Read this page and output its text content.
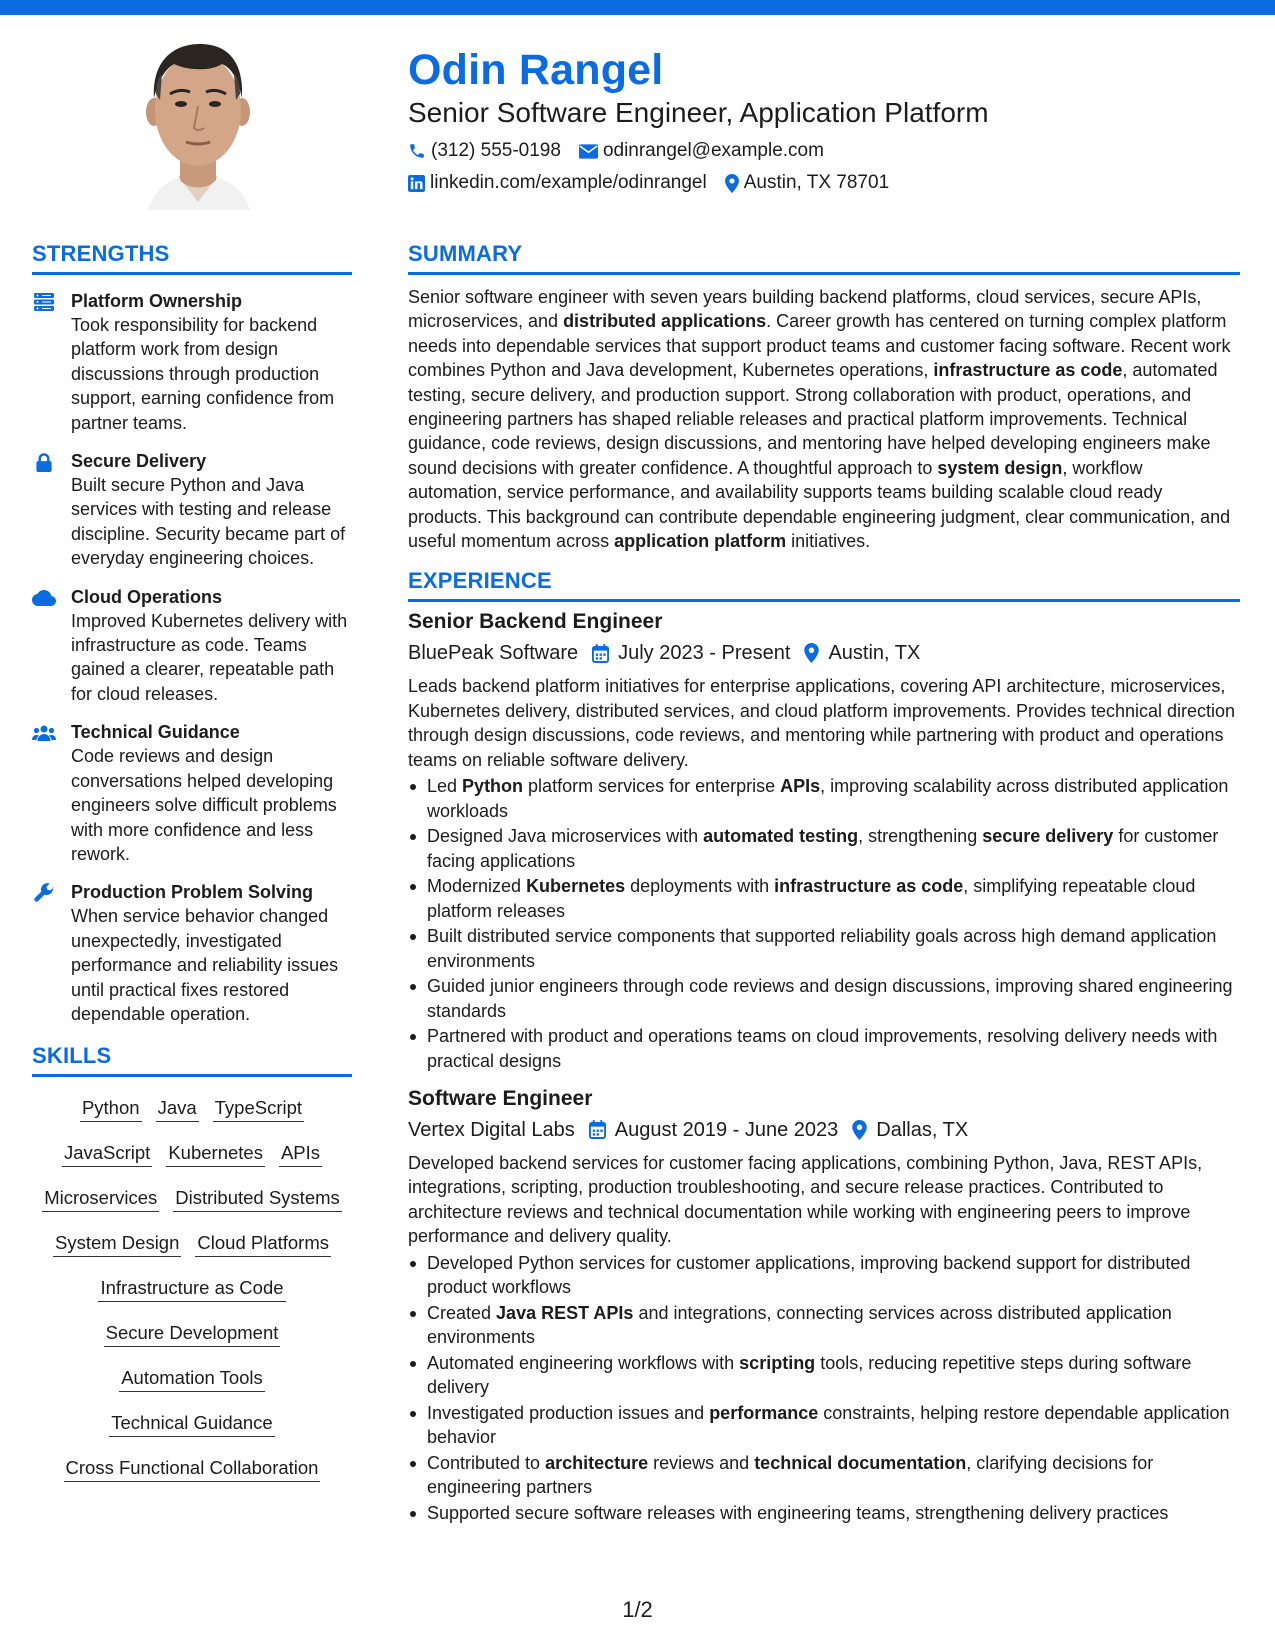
Odin Rangel
Senior Software Engineer, Application Platform
(312) 555-0198 odinrangel@example.com
linkedin.com/example/odinrangel Austin, TX 78701
STRENGTHS
Platform Ownership
Took responsibility for backend platform work from design discussions through production support, earning confidence from partner teams.
Secure Delivery
Built secure Python and Java services with testing and release discipline. Security became part of everyday engineering choices.
Cloud Operations
Improved Kubernetes delivery with infrastructure as code. Teams gained a clearer, repeatable path for cloud releases.
Technical Guidance
Code reviews and design conversations helped developing engineers solve difficult problems with more confidence and less rework.
Production Problem Solving
When service behavior changed unexpectedly, investigated performance and reliability issues until practical fixes restored dependable operation.
SKILLS
Python Java TypeScript
JavaScript Kubernetes APIs
Microservices Distributed Systems
System Design Cloud Platforms
Infrastructure as Code
Secure Development
Automation Tools
Technical Guidance
Cross Functional Collaboration
SUMMARY
Senior software engineer with seven years building backend platforms, cloud services, secure APIs, microservices, and distributed applications. Career growth has centered on turning complex platform needs into dependable services that support product teams and customer facing software. Recent work combines Python and Java development, Kubernetes operations, infrastructure as code, automated testing, secure delivery, and production support. Strong collaboration with product, operations, and engineering partners has shaped reliable releases and practical platform improvements. Technical guidance, code reviews, design discussions, and mentoring have helped developing engineers make sound decisions with greater confidence. A thoughtful approach to system design, workflow automation, service performance, and availability supports teams building scalable cloud ready products. This background can contribute dependable engineering judgment, clear communication, and useful momentum across application platform initiatives.
EXPERIENCE
Senior Backend Engineer
BluePeak Software July 2023 - Present Austin, TX
Leads backend platform initiatives for enterprise applications, covering API architecture, microservices, Kubernetes delivery, distributed services, and cloud platform improvements. Provides technical direction through design discussions, code reviews, and mentoring while partnering with product and operations teams on reliable software delivery.
Led Python platform services for enterprise APIs, improving scalability across distributed application workloads
Designed Java microservices with automated testing, strengthening secure delivery for customer facing applications
Modernized Kubernetes deployments with infrastructure as code, simplifying repeatable cloud platform releases
Built distributed service components that supported reliability goals across high demand application environments
Guided junior engineers through code reviews and design discussions, improving shared engineering standards
Partnered with product and operations teams on cloud improvements, resolving delivery needs with practical designs
Software Engineer
Vertex Digital Labs August 2019 - June 2023 Dallas, TX
Developed backend services for customer facing applications, combining Python, Java, REST APIs, integrations, scripting, production troubleshooting, and secure release practices. Contributed to architecture reviews and technical documentation while working with engineering peers to improve performance and delivery quality.
Developed Python services for customer applications, improving backend support for distributed product workflows
Created Java REST APIs and integrations, connecting services across distributed application environments
Automated engineering workflows with scripting tools, reducing repetitive steps during software delivery
Investigated production issues and performance constraints, helping restore dependable application behavior
Contributed to architecture reviews and technical documentation, clarifying decisions for engineering partners
Supported secure software releases with engineering teams, strengthening delivery practices
1/2
